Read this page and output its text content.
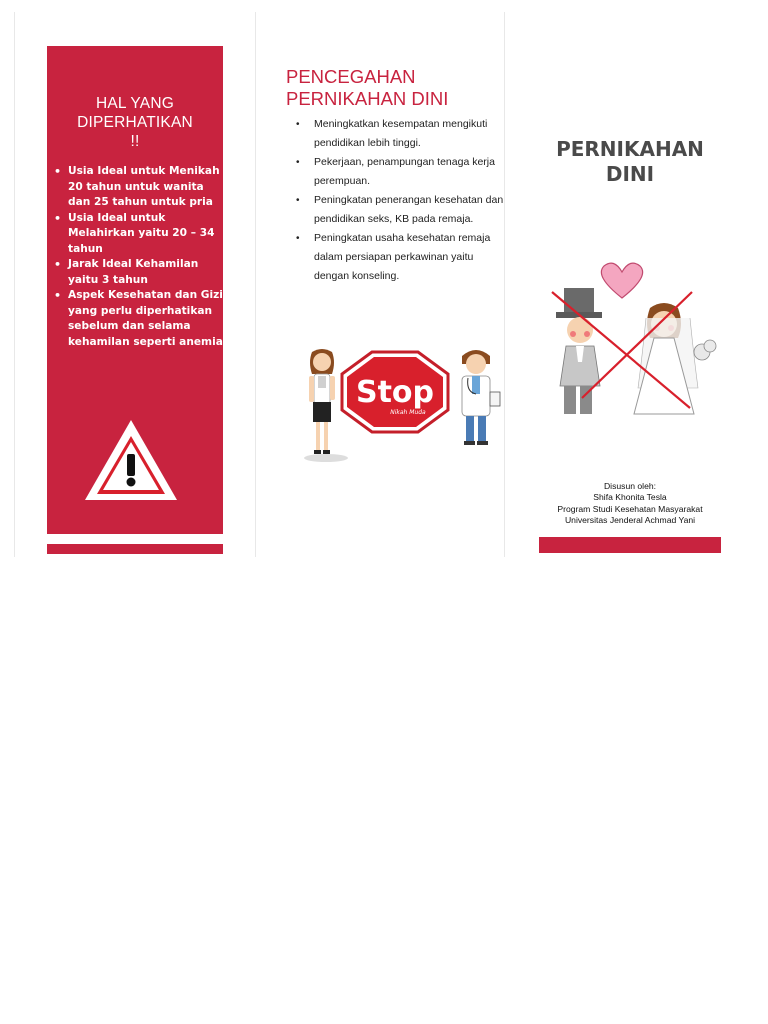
HAL YANG
DIPERHATIKAN
!!
• Usia Ideal untuk Menikah 20 tahun untuk wanita dan 25 tahun untuk pria
• Usia Ideal untuk Melahirkan yaitu 20 – 34 tahun
• Jarak Ideal Kehamilan yaitu 3 tahun
• Aspek Kesehatan dan Gizi yang perlu diperhatikan sebelum dan selama kehamilan seperti anemia
PENCEGAHAN
PERNIKAHAN DINI
• Meningkatkan kesempatan mengikuti pendidikan lebih tinggi.
• Pekerjaan, penampungan tenaga kerja perempuan.
• Peningkatan penerangan kesehatan dan pendidikan seks, KB pada remaja.
• Peningkatan usaha kesehatan remaja dalam persiapan perkawinan yaitu dengan konseling.
Stop
Nikah Muda
PERNIKAHAN
DINI
Disusun oleh:
Shifa Khonita Tesla
Program Studi Kesehatan Masyarakat
Universitas Jenderal Achmad Yani
